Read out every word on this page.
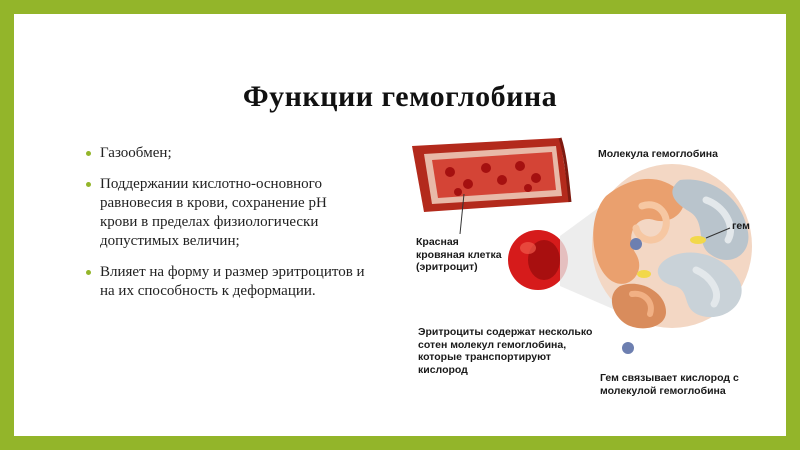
Функции гемоглобина
Газообмен;
Поддержании кислотно-основного равновесия в крови, сохранение рН крови в пределах физиологически допустимых величин;
Влияет на форму и размер эритроцитов и на их способность к деформации.
Молекула гемоглобина
гем
Красная кровяная клетка (эритроцит)
Эритроциты содержат несколько сотен молекул гемоглобина, которые транспортируют кислород
Гем связывает кислород с молекулой гемоглобина
